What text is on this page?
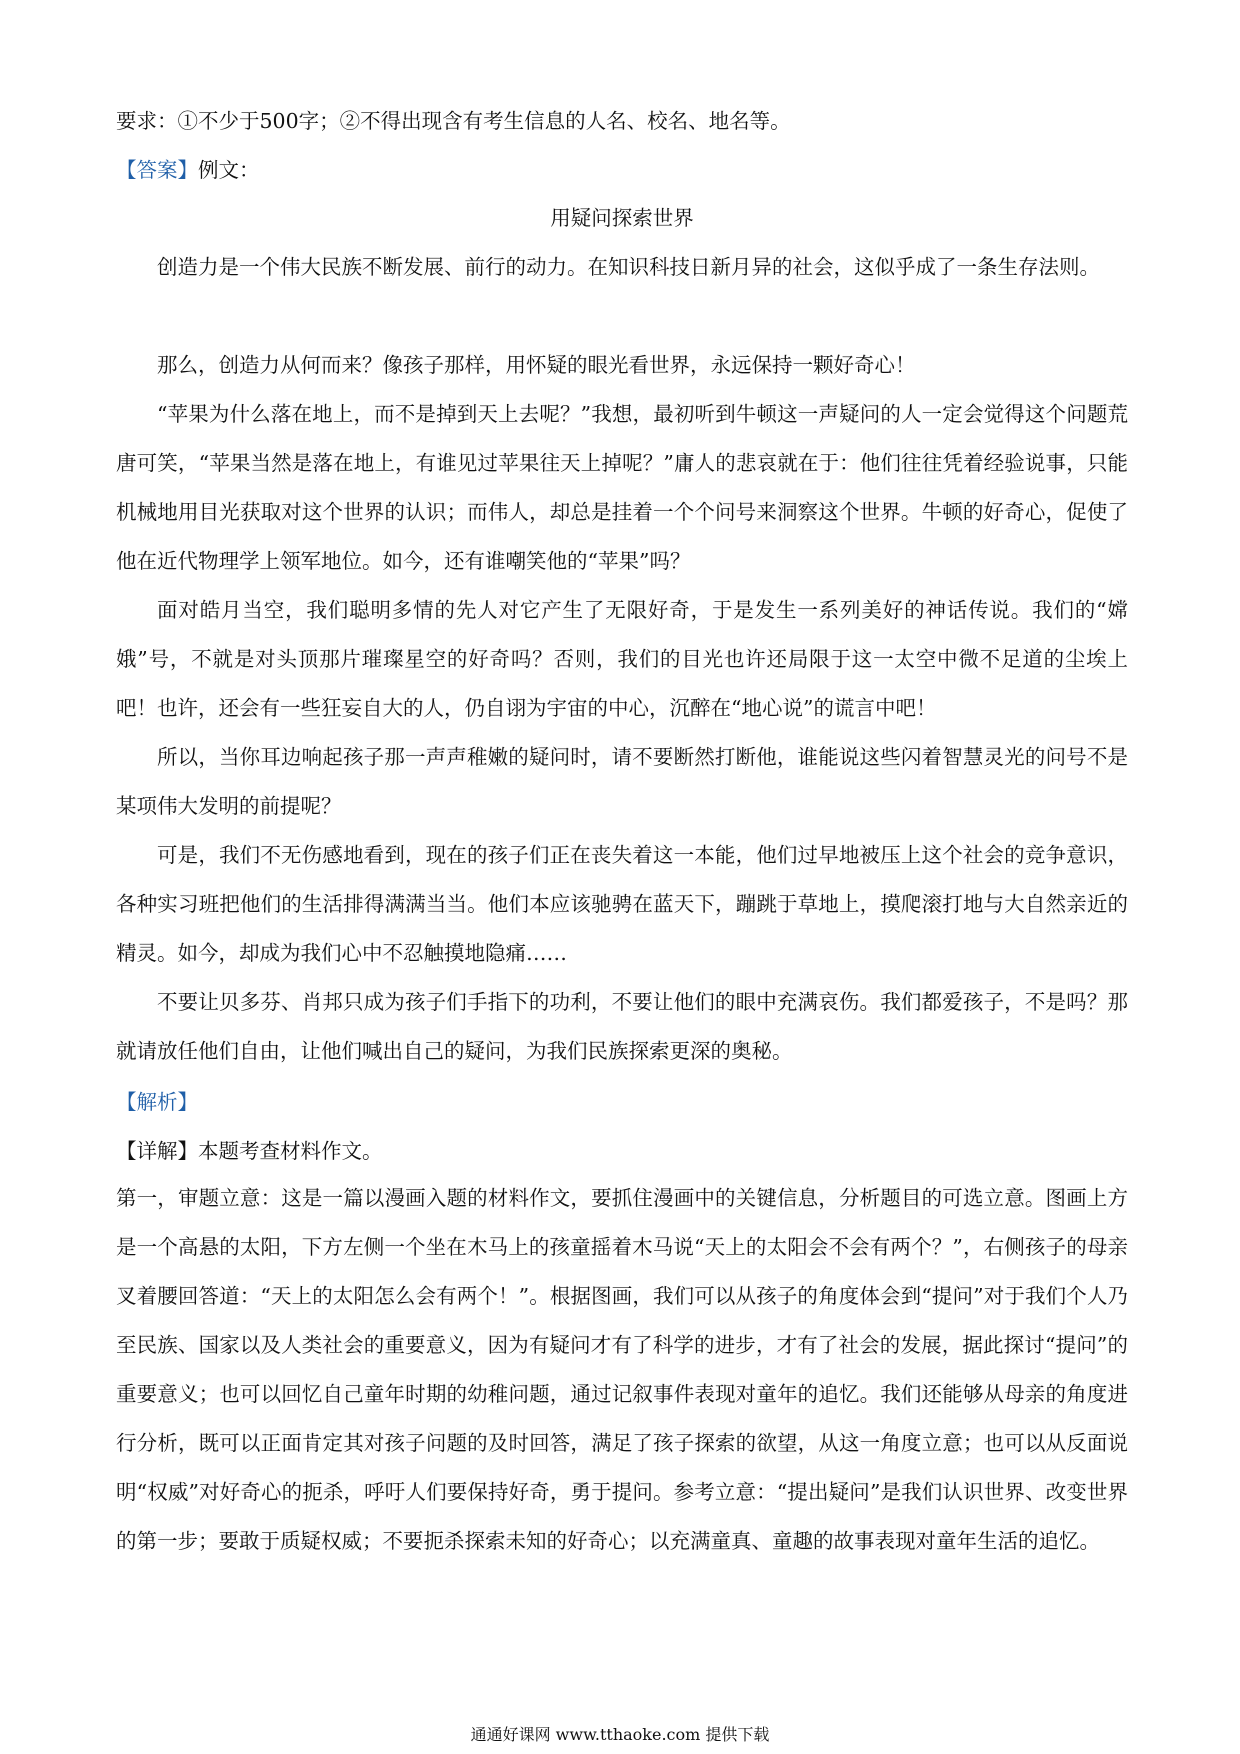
要求：①不少于500字；②不得出现含有考生信息的人名、校名、地名等。
【答案】例文：
用疑问探索世界
创造力是一个伟大民族不断发展、前行的动力。在知识科技日新月异的社会，这似乎成了一条生存法则。
那么，创造力从何而来？像孩子那样，用怀疑的眼光看世界，永远保持一颗好奇心！
“苹果为什么落在地上，而不是掉到天上去呢？”我想，最初听到牛顿这一声疑问的人一定会觉得这个问题荒唐可笑，“苹果当然是落在地上，有谁见过苹果往天上掉呢？”庸人的悲哀就在于：他们往往凭着经验说事，只能机械地用目光获取对这个世界的认识；而伟人，却总是挂着一个个问号来洞察这个世界。牛顿的好奇心，促使了他在近代物理学上领军地位。如今，还有谁嘲笑他的“苹果”吗？
面对皓月当空，我们聪明多情的先人对它产生了无限好奇，于是发生一系列美好的神话传说。我们的“嫦娥”号，不就是对头顶那片璀璨星空的好奇吗？否则，我们的目光也许还局限于这一太空中微不足道的尘埃上吧！也许，还会有一些狂妄自大的人，仍自诩为宇宙的中心，沉醉在“地心说”的谎言中吧！
所以，当你耳边响起孩子那一声声稚嫩的疑问时，请不要断然打断他，谁能说这些闪着智慧灵光的问号不是某项伟大发明的前提呢？
可是，我们不无伤感地看到，现在的孩子们正在丧失着这一本能，他们过早地被压上这个社会的竞争意识，各种实习班把他们的生活排得满满当当。他们本应该驰骋在蓝天下，蹦跳于草地上，摸爬滚打地与大自然亲近的精灵。如今，却成为我们心中不忍触摸地隐痛……
不要让贝多芬、肖邦只成为孩子们手指下的功利，不要让他们的眼中充满哀伤。我们都爱孩子，不是吗？那就请放任他们自由，让他们喊出自己的疑问，为我们民族探索更深的奥秘。
【解析】
【详解】本题考查材料作文。
第一，审题立意：这是一篇以漫画入题的材料作文，要抓住漫画中的关键信息，分析题目的可选立意。图画上方是一个高悬的太阳，下方左侧一个坐在木马上的孩童摇着木马说“天上的太阳会不会有两个？”，右侧孩子的母亲叉着腰回答道：“天上的太阳怎么会有两个！”。根据图画，我们可以从孩子的角度体会到“提问”对于我们个人乃至民族、国家以及人类社会的重要意义，因为有疑问才有了科学的进步，才有了社会的发展，据此探讨“提问”的重要意义；也可以回忆自己童年时期的幼稚问题，通过记叙事件表现对童年的追忆。我们还能够从母亲的角度进行分析，既可以正面肯定其对孩子问题的及时回答，满足了孩子探索的欲望，从这一角度立意；也可以从反面说明“权威”对好奇心的扼杀，呼吁人们要保持好奇，勇于提问。参考立意：“提出疑问”是我们认识世界、改变世界的第一步；要敢于质疑权威；不要扼杀探索未知的好奇心；以充满童真、童趣的故事表现对童年生活的追忆。
通通好课网 www.tthaoke.com 提供下载
